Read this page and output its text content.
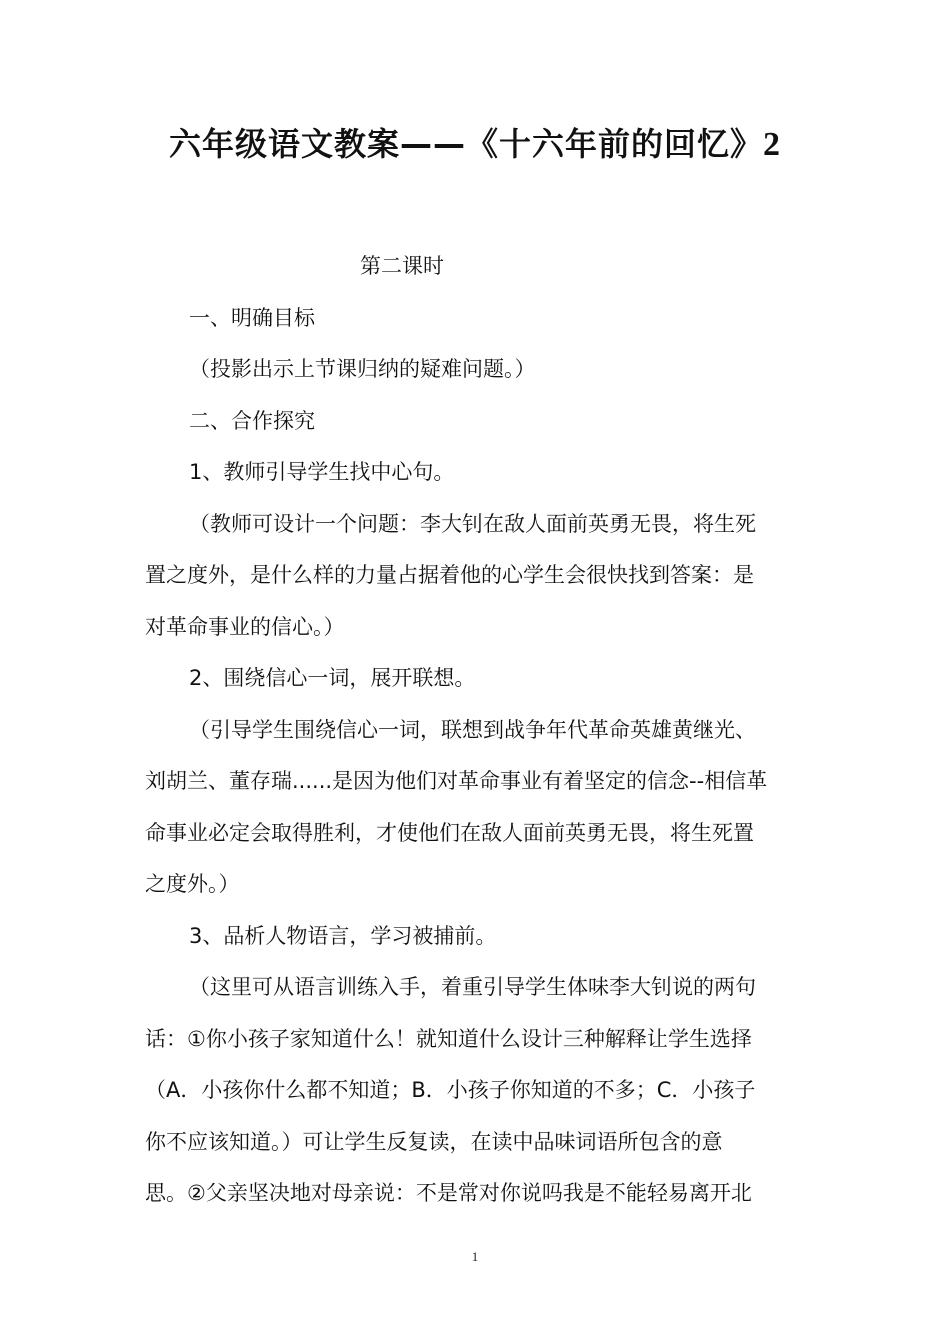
六年级语文教案——《十六年前的回忆》2
第二课时
一、明确目标
（投影出示上节课归纳的疑难问题。）
二、合作探究
1、教师引导学生找中心句。
（教师可设计一个问题：李大钊在敌人面前英勇无畏，将生死
置之度外，是什么样的力量占据着他的心学生会很快找到答案：是
对革命事业的信心。）
2、围绕信心一词，展开联想。
（引导学生围绕信心一词，联想到战争年代革命英雄黄继光、
刘胡兰、董存瑞......是因为他们对革命事业有着坚定的信念--相信革
命事业必定会取得胜利，才使他们在敌人面前英勇无畏，将生死置
之度外。）
3、品析人物语言，学习被捕前。
（这里可从语言训练入手，着重引导学生体味李大钊说的两句
话：①你小孩子家知道什么！就知道什么设计三种解释让学生选择
（A．小孩你什么都不知道；B．小孩子你知道的不多；C．小孩子
你不应该知道。）可让学生反复读，在读中品味词语所包含的意
思。②父亲坚决地对母亲说：不是常对你说吗我是不能轻易离开北
1
